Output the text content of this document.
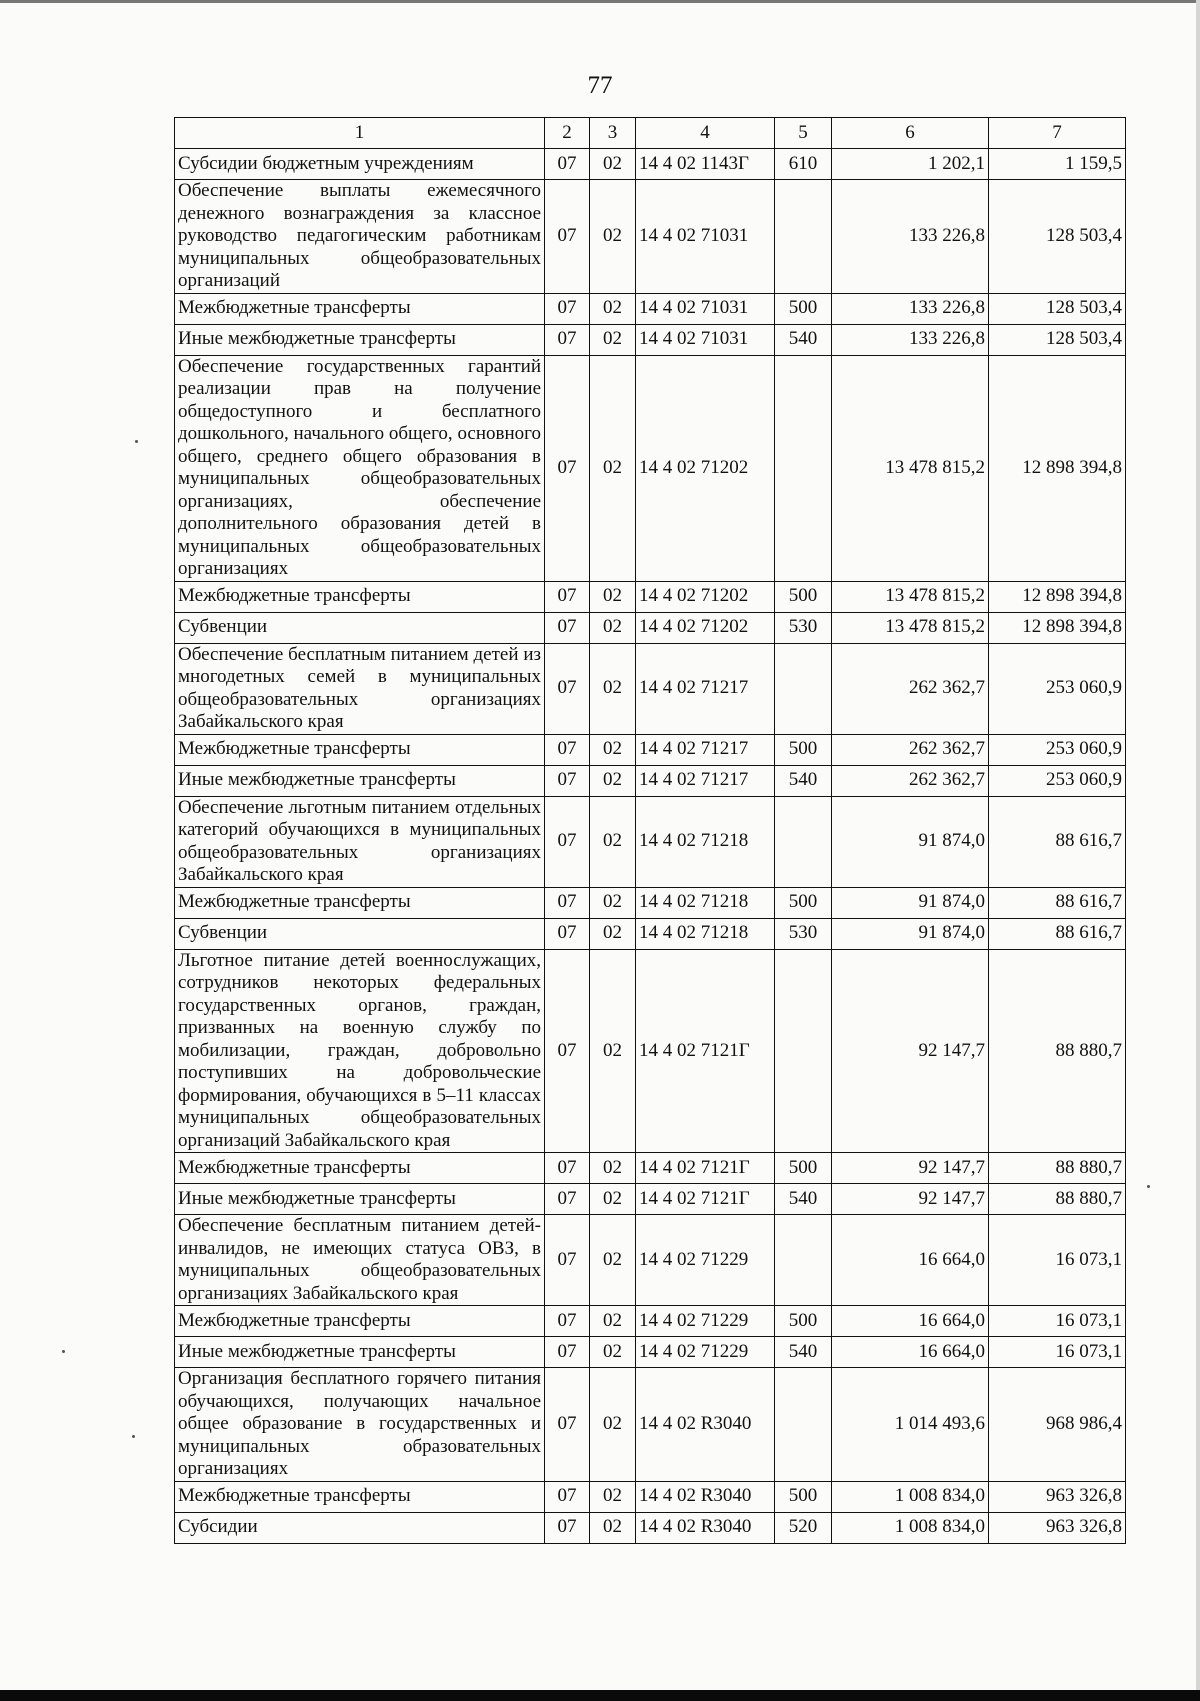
77
1	2	3	4	5	6	7
Субсидии бюджетным учреждениям	07	02	14 4 02 1143Г	610	1 202,1	1 159,5
Обеспечение выплаты ежемесячного денежного вознаграждения за классное руководство педагогическим работникам муниципальных общеобразовательных организаций	07	02	14 4 02 71031		133 226,8	128 503,4
Межбюджетные трансферты	07	02	14 4 02 71031	500	133 226,8	128 503,4
Иные межбюджетные трансферты	07	02	14 4 02 71031	540	133 226,8	128 503,4
Обеспечение государственных гарантий реализации прав на получение общедоступного и бесплатного дошкольного, начального общего, основного общего, среднего общего образования в муниципальных общеобразовательных организациях, обеспечение дополнительного образования детей в муниципальных общеобразовательных организациях	07	02	14 4 02 71202		13 478 815,2	12 898 394,8
Межбюджетные трансферты	07	02	14 4 02 71202	500	13 478 815,2	12 898 394,8
Субвенции	07	02	14 4 02 71202	530	13 478 815,2	12 898 394,8
Обеспечение бесплатным питанием детей из многодетных семей в муниципальных общеобразовательных организациях Забайкальского края	07	02	14 4 02 71217		262 362,7	253 060,9
Межбюджетные трансферты	07	02	14 4 02 71217	500	262 362,7	253 060,9
Иные межбюджетные трансферты	07	02	14 4 02 71217	540	262 362,7	253 060,9
Обеспечение льготным питанием отдельных категорий обучающихся в муниципальных общеобразовательных организациях Забайкальского края	07	02	14 4 02 71218		91 874,0	88 616,7
Межбюджетные трансферты	07	02	14 4 02 71218	500	91 874,0	88 616,7
Субвенции	07	02	14 4 02 71218	530	91 874,0	88 616,7
Льготное питание детей военнослужащих, сотрудников некоторых федеральных государственных органов, граждан, призванных на военную службу по мобилизации, граждан, добровольно поступивших на добровольческие формирования, обучающихся в 5–11 классах муниципальных общеобразовательных организаций Забайкальского края	07	02	14 4 02 7121Г		92 147,7	88 880,7
Межбюджетные трансферты	07	02	14 4 02 7121Г	500	92 147,7	88 880,7
Иные межбюджетные трансферты	07	02	14 4 02 7121Г	540	92 147,7	88 880,7
Обеспечение бесплатным питанием детей-инвалидов, не имеющих статуса ОВЗ, в муниципальных общеобразовательных организациях Забайкальского края	07	02	14 4 02 71229		16 664,0	16 073,1
Межбюджетные трансферты	07	02	14 4 02 71229	500	16 664,0	16 073,1
Иные межбюджетные трансферты	07	02	14 4 02 71229	540	16 664,0	16 073,1
Организация бесплатного горячего питания обучающихся, получающих начальное общее образование в государственных и муниципальных образовательных организациях	07	02	14 4 02 R3040		1 014 493,6	968 986,4
Межбюджетные трансферты	07	02	14 4 02 R3040	500	1 008 834,0	963 326,8
Субсидии	07	02	14 4 02 R3040	520	1 008 834,0	963 326,8
